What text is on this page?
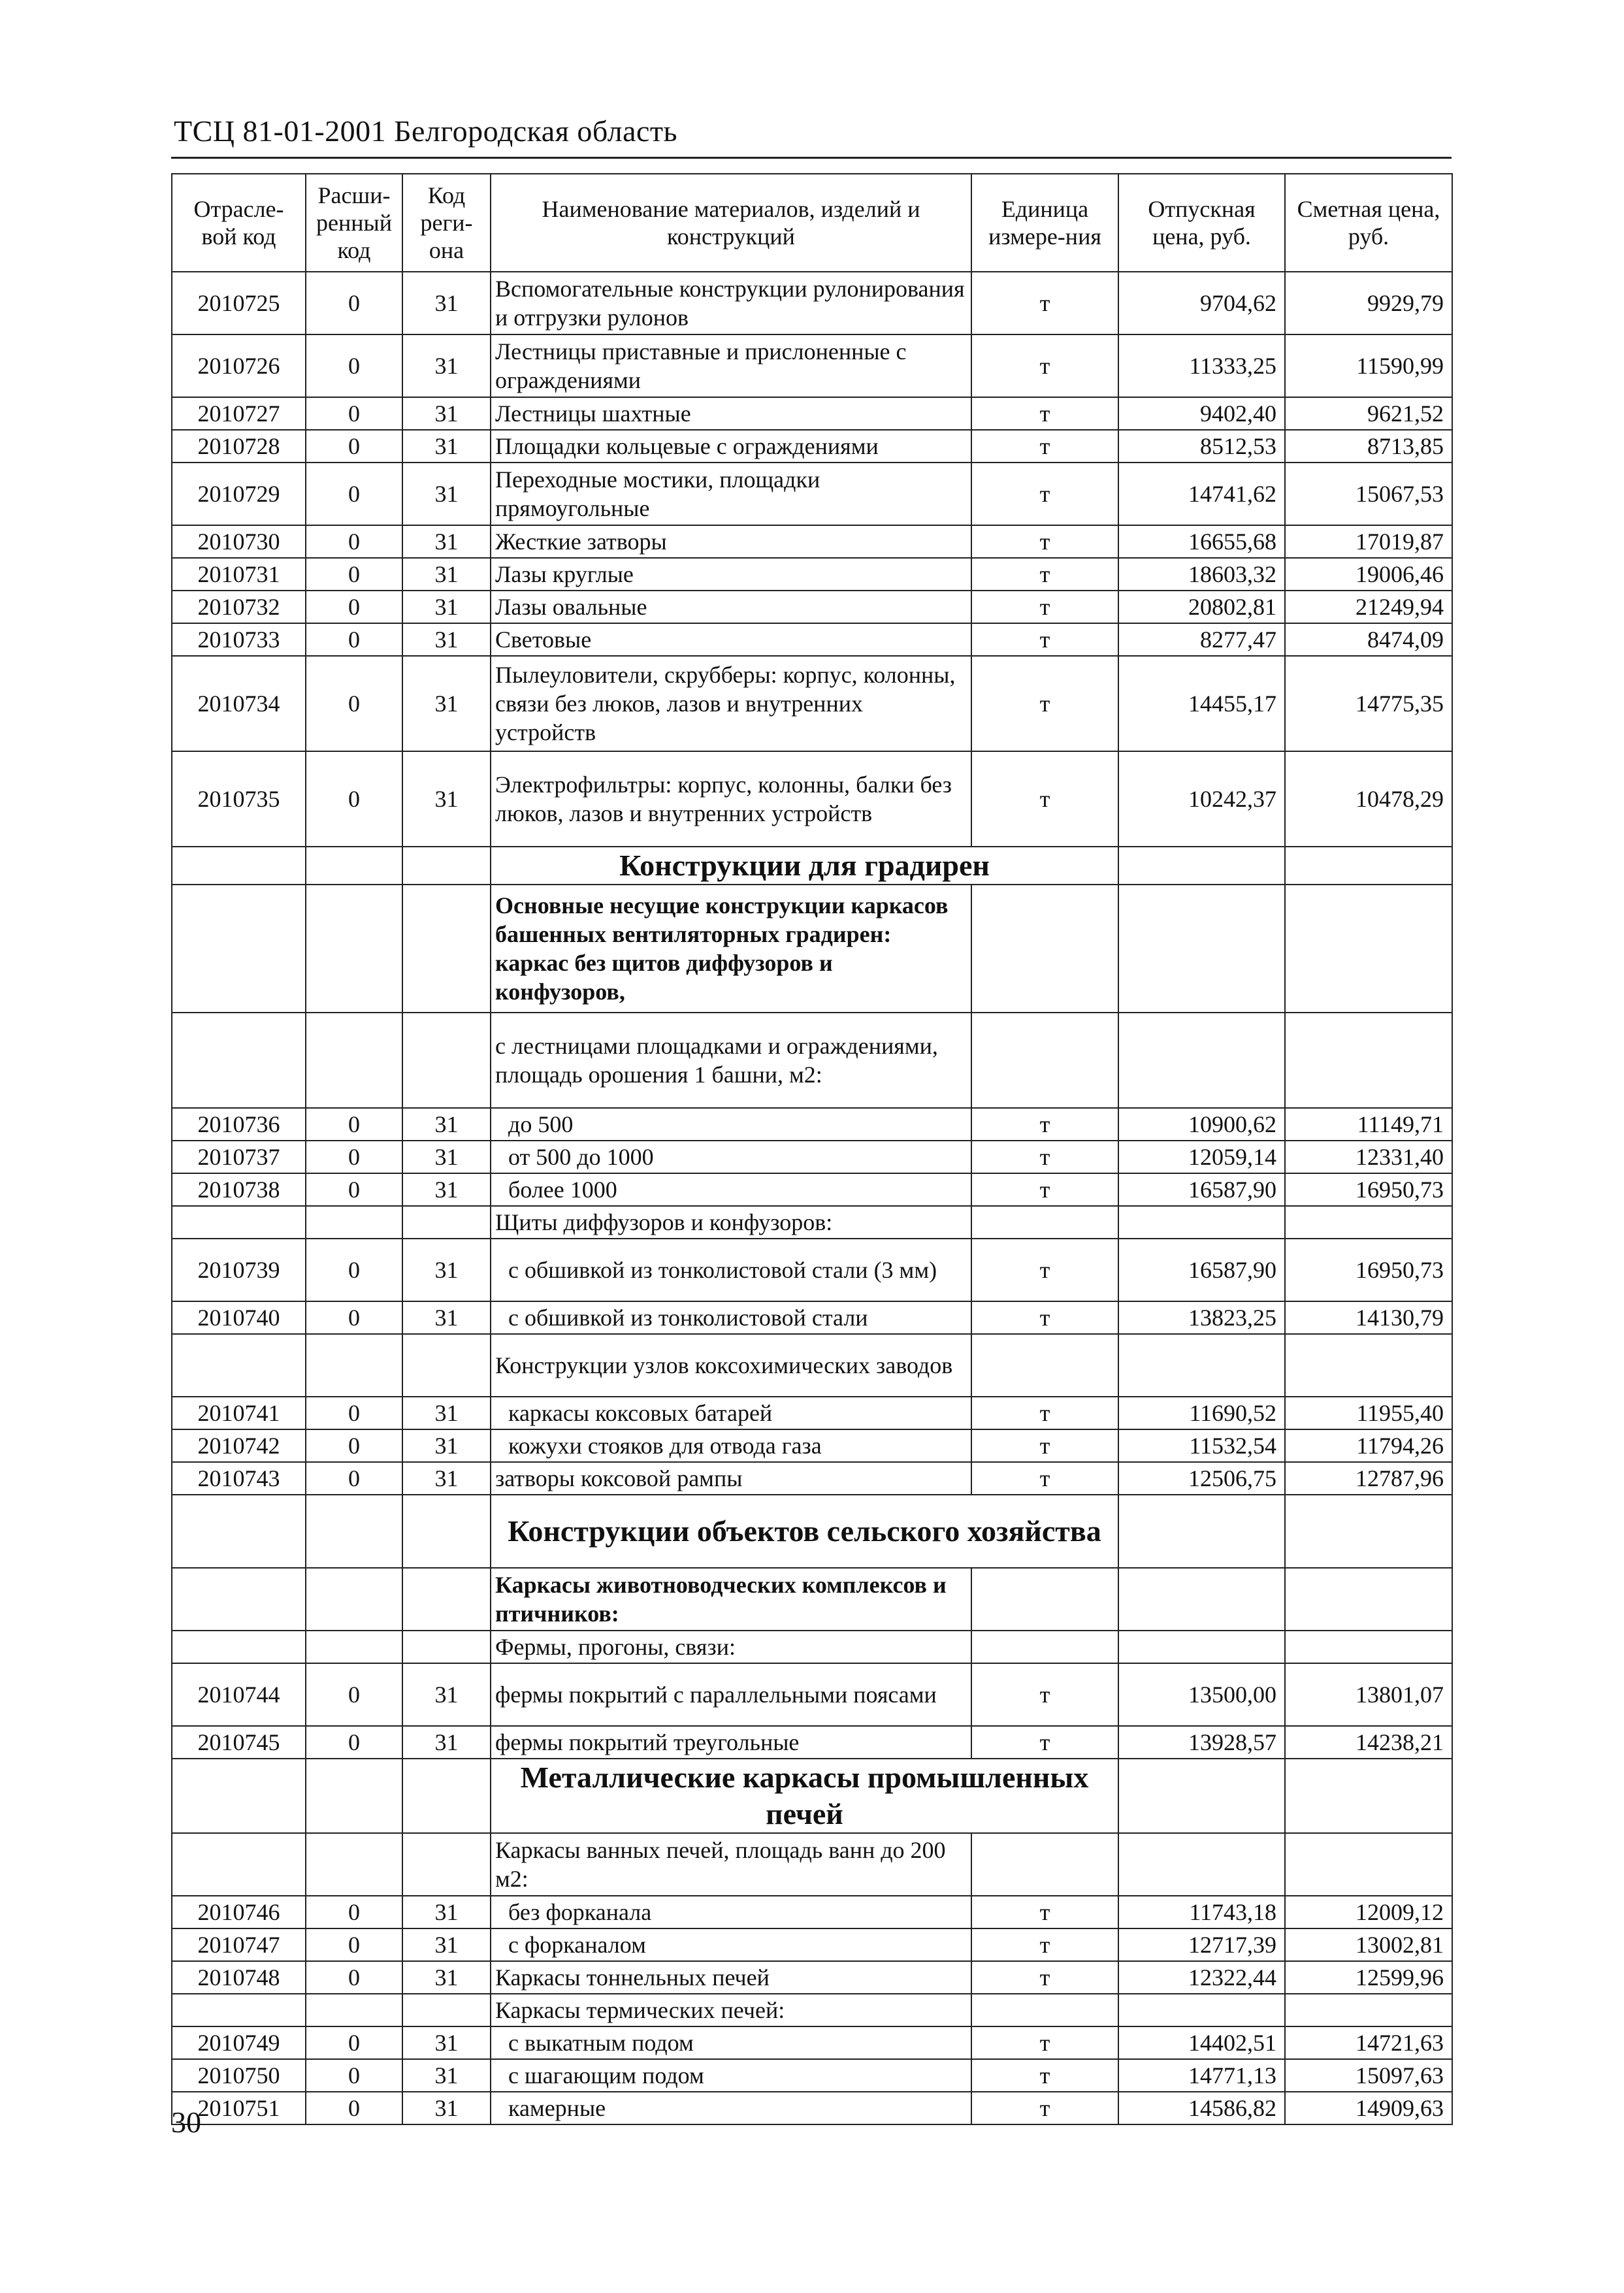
ТСЦ 81-01-2001 Белгородская область
Отрасле-вой код	Расши-ренный код	Код реги-она	Наименование материалов, изделий и конструкций	Единица измере-ния	Отпускная цена, руб.	Сметная цена, руб.
2010725	0	31	Вспомогательные конструкции рулонирования и отгрузки рулонов	т	9704,62	9929,79
2010726	0	31	Лестницы приставные и прислоненные с ограждениями	т	11333,25	11590,99
2010727	0	31	Лестницы шахтные	т	9402,40	9621,52
2010728	0	31	Площадки кольцевые с ограждениями	т	8512,53	8713,85
2010729	0	31	Переходные мостики, площадки прямоугольные	т	14741,62	15067,53
2010730	0	31	Жесткие затворы	т	16655,68	17019,87
2010731	0	31	Лазы круглые	т	18603,32	19006,46
2010732	0	31	Лазы овальные	т	20802,81	21249,94
2010733	0	31	Световые	т	8277,47	8474,09
2010734	0	31	Пылеуловители, скрубберы: корпус, колонны, связи без люков, лазов и внутренних устройств	т	14455,17	14775,35
2010735	0	31	Электрофильтры: корпус, колонны, балки без люков, лазов и внутренних устройств	т	10242,37	10478,29
			Конструкции для градирен			
			Основные несущие конструкции каркасов башенных вентиляторных градирен: каркас без щитов диффузоров и конфузоров,			
			с лестницами площадками и ограждениями, площадь орошения 1 башни, м2:			
2010736	0	31	до 500	т	10900,62	11149,71
2010737	0	31	от 500 до 1000	т	12059,14	12331,40
2010738	0	31	более 1000	т	16587,90	16950,73
			Щиты диффузоров и конфузоров:			
2010739	0	31	с обшивкой из тонколистовой стали (3 мм)	т	16587,90	16950,73
2010740	0	31	с обшивкой из тонколистовой стали	т	13823,25	14130,79
			Конструкции узлов коксохимических заводов			
2010741	0	31	каркасы коксовых батарей	т	11690,52	11955,40
2010742	0	31	кожухи стояков для отвода газа	т	11532,54	11794,26
2010743	0	31	затворы коксовой рампы	т	12506,75	12787,96
			Конструкции объектов сельского хозяйства			
			Каркасы животноводческих комплексов и птичников:			
			Фермы, прогоны, связи:			
2010744	0	31	фермы покрытий с параллельными поясами	т	13500,00	13801,07
2010745	0	31	фермы покрытий треугольные	т	13928,57	14238,21
			Металлические каркасы промышленных печей			
			Каркасы ванных печей, площадь ванн до 200 м2:			
2010746	0	31	без форканала	т	11743,18	12009,12
2010747	0	31	с форканалом	т	12717,39	13002,81
2010748	0	31	Каркасы тоннельных печей	т	12322,44	12599,96
			Каркасы термических печей:			
2010749	0	31	с выкатным подом	т	14402,51	14721,63
2010750	0	31	с шагающим подом	т	14771,13	15097,63
2010751	0	31	камерные	т	14586,82	14909,63
30
